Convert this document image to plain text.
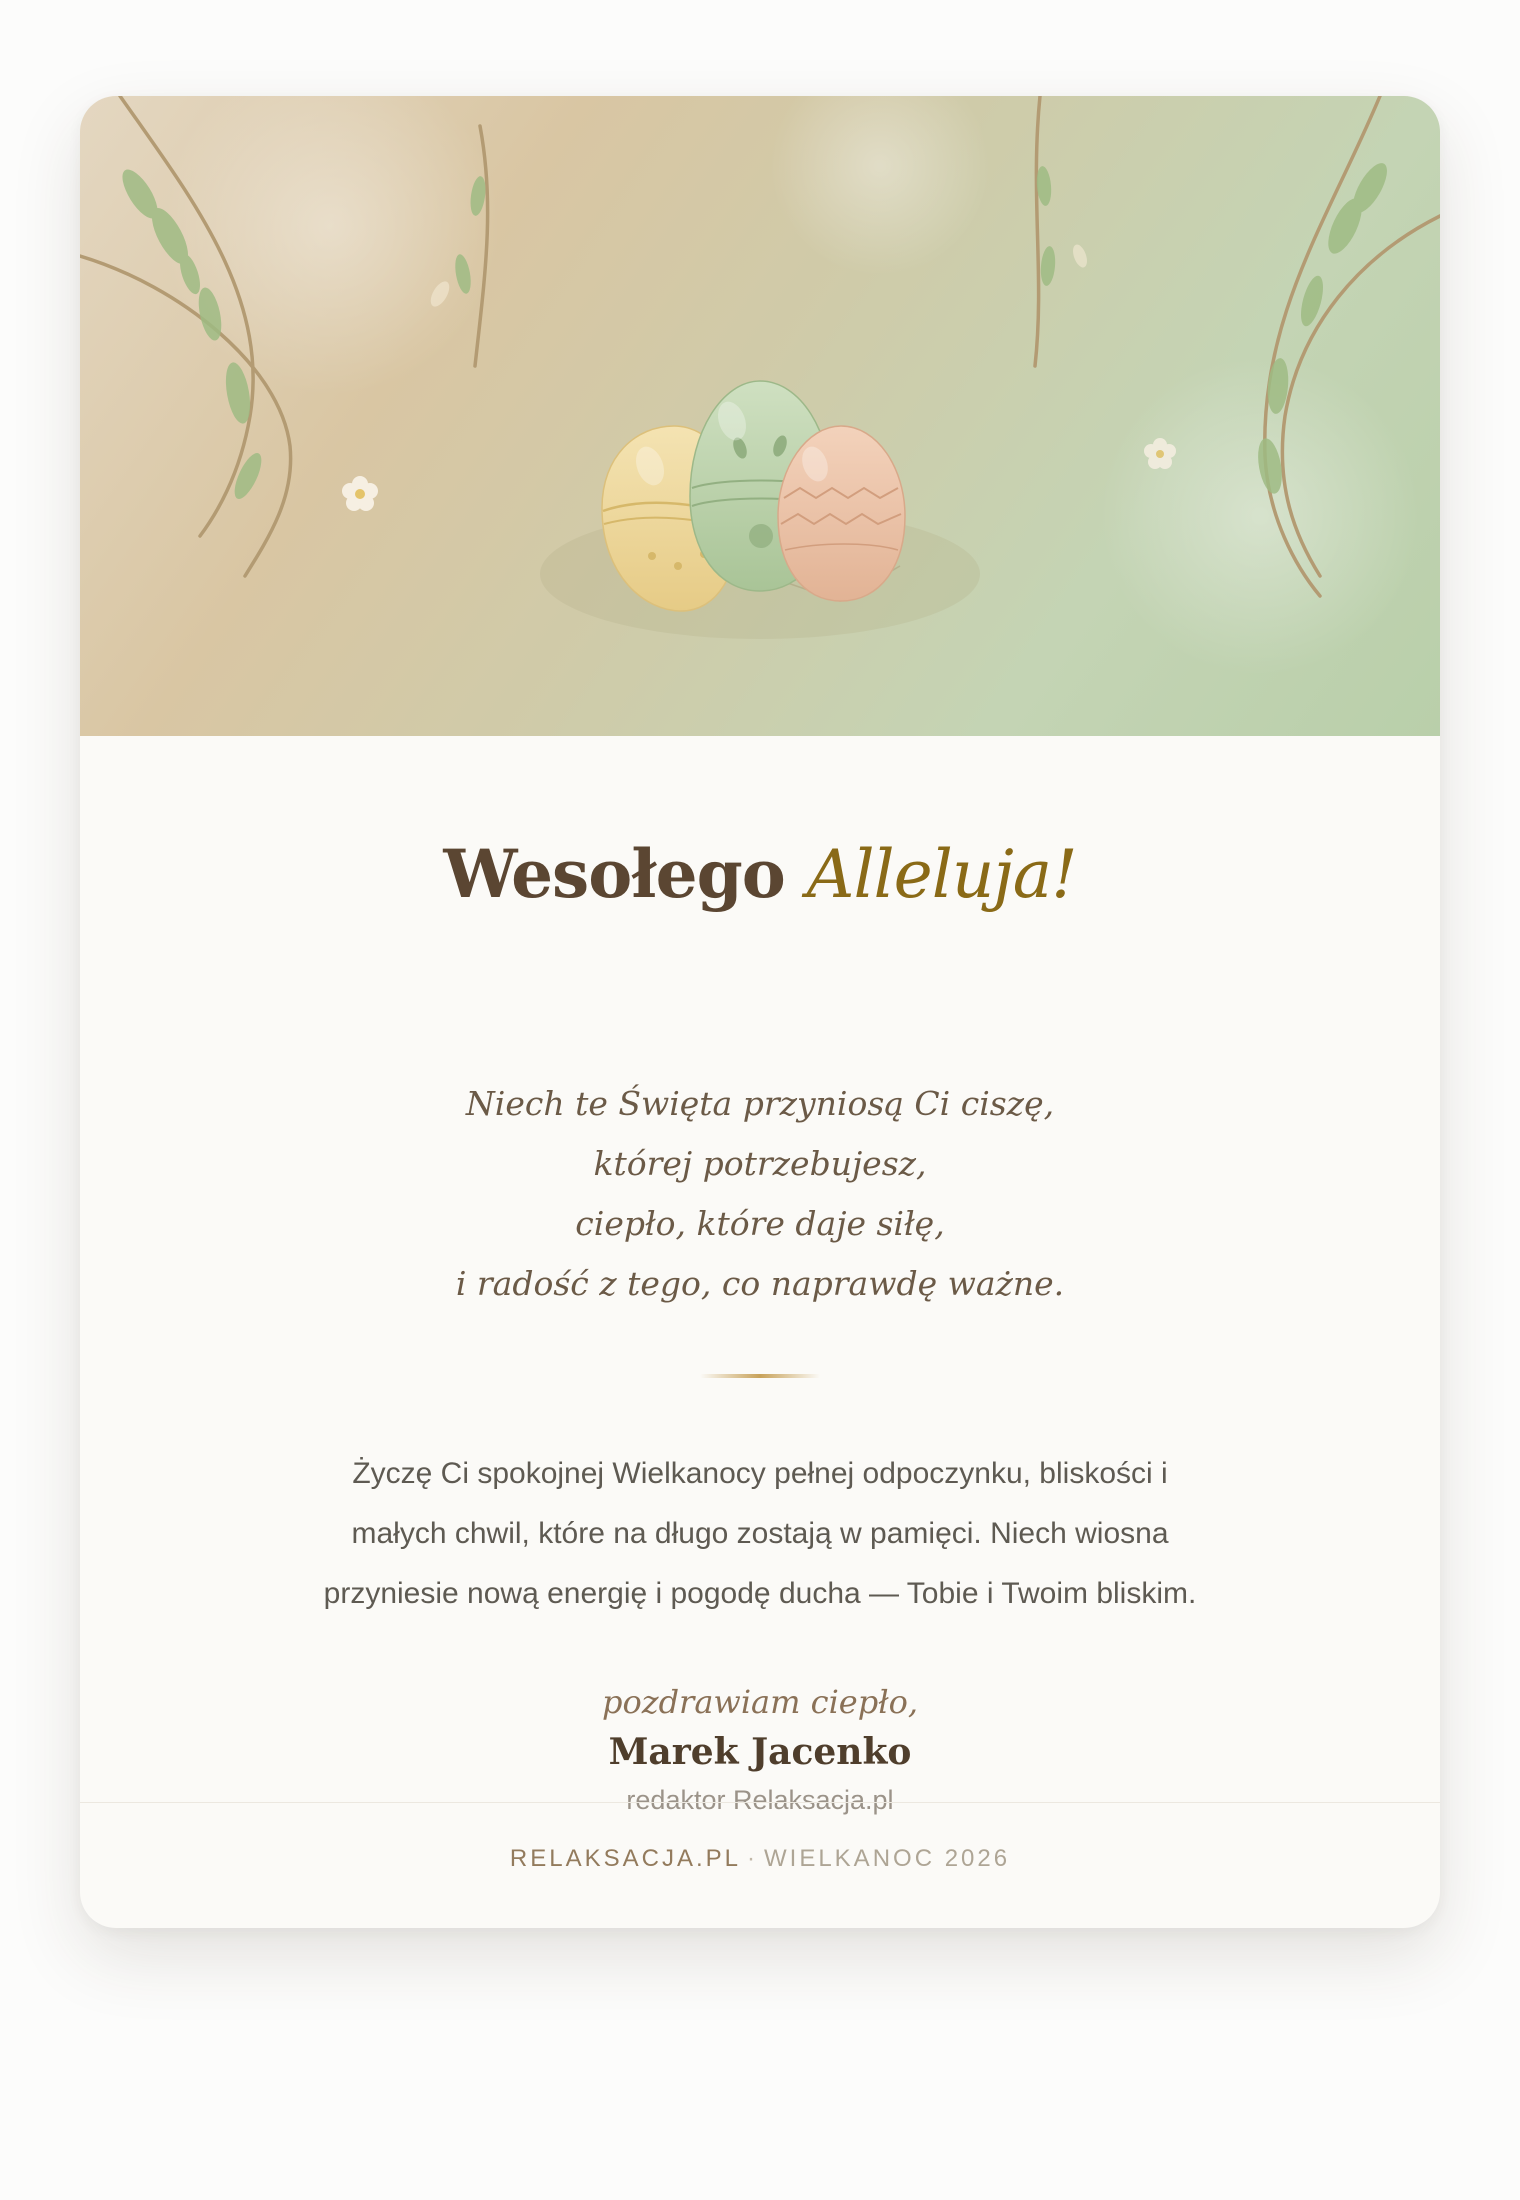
Wesołego Alleluja!
Niech te Święta przyniosą Ci ciszę,
której potrzebujesz,
ciepło, które daje siłę,
i radość z tego, co naprawdę ważne.
Życzę Ci spokojnej Wielkanocy pełnej odpoczynku, bliskości i
małych chwil, które na długo zostają w pamięci. Niech wiosna
przyniesie nową energię i pogodę ducha — Tobie i Twoim bliskim.
pozdrawiam ciepło,
Marek Jacenko
redaktor Relaksacja.pl
RELAKSACJA.PL · WIELKANOC 2026
